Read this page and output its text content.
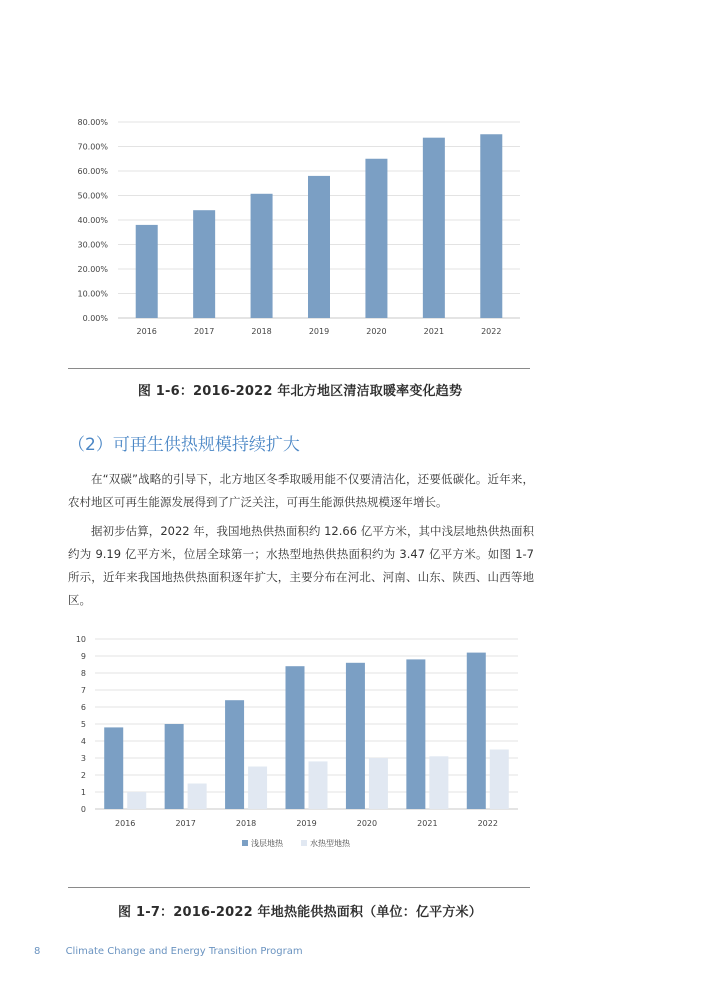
0.00%
10.00%
20.00%
30.00%
40.00%
50.00%
60.00%
70.00%
80.00%
2016	2017	2018	2019	2020	2021	2022
图 1-6：2016-2022 年北方地区清洁取暖率变化趋势
（2）可再生供热规模持续扩大

在“双碳”战略的引导下，北方地区冬季取暖用能不仅要清洁化，还要低碳化。近年来，农村地区可再生能源发展得到了广泛关注，可再生能源供热规模逐年增长。

据初步估算，2022 年，我国地热供热面积约 12.66 亿平方米，其中浅层地热供热面积约为 9.19 亿平方米，位居全球第一；水热型地热供热面积约为 3.47 亿平方米。如图 1-7 所示，近年来我国地热供热面积逐年扩大，主要分布在河北、河南、山东、陕西、山西等地区。

0
1
2
3
4
5
6
7
8
9
10
2016	2017	2018	2019	2020	2021	2022
浅层地热	水热型地热
图 1-7：2016-2022 年地热能供热面积（单位：亿平方米）
8	Climate Change and Energy Transition Program
